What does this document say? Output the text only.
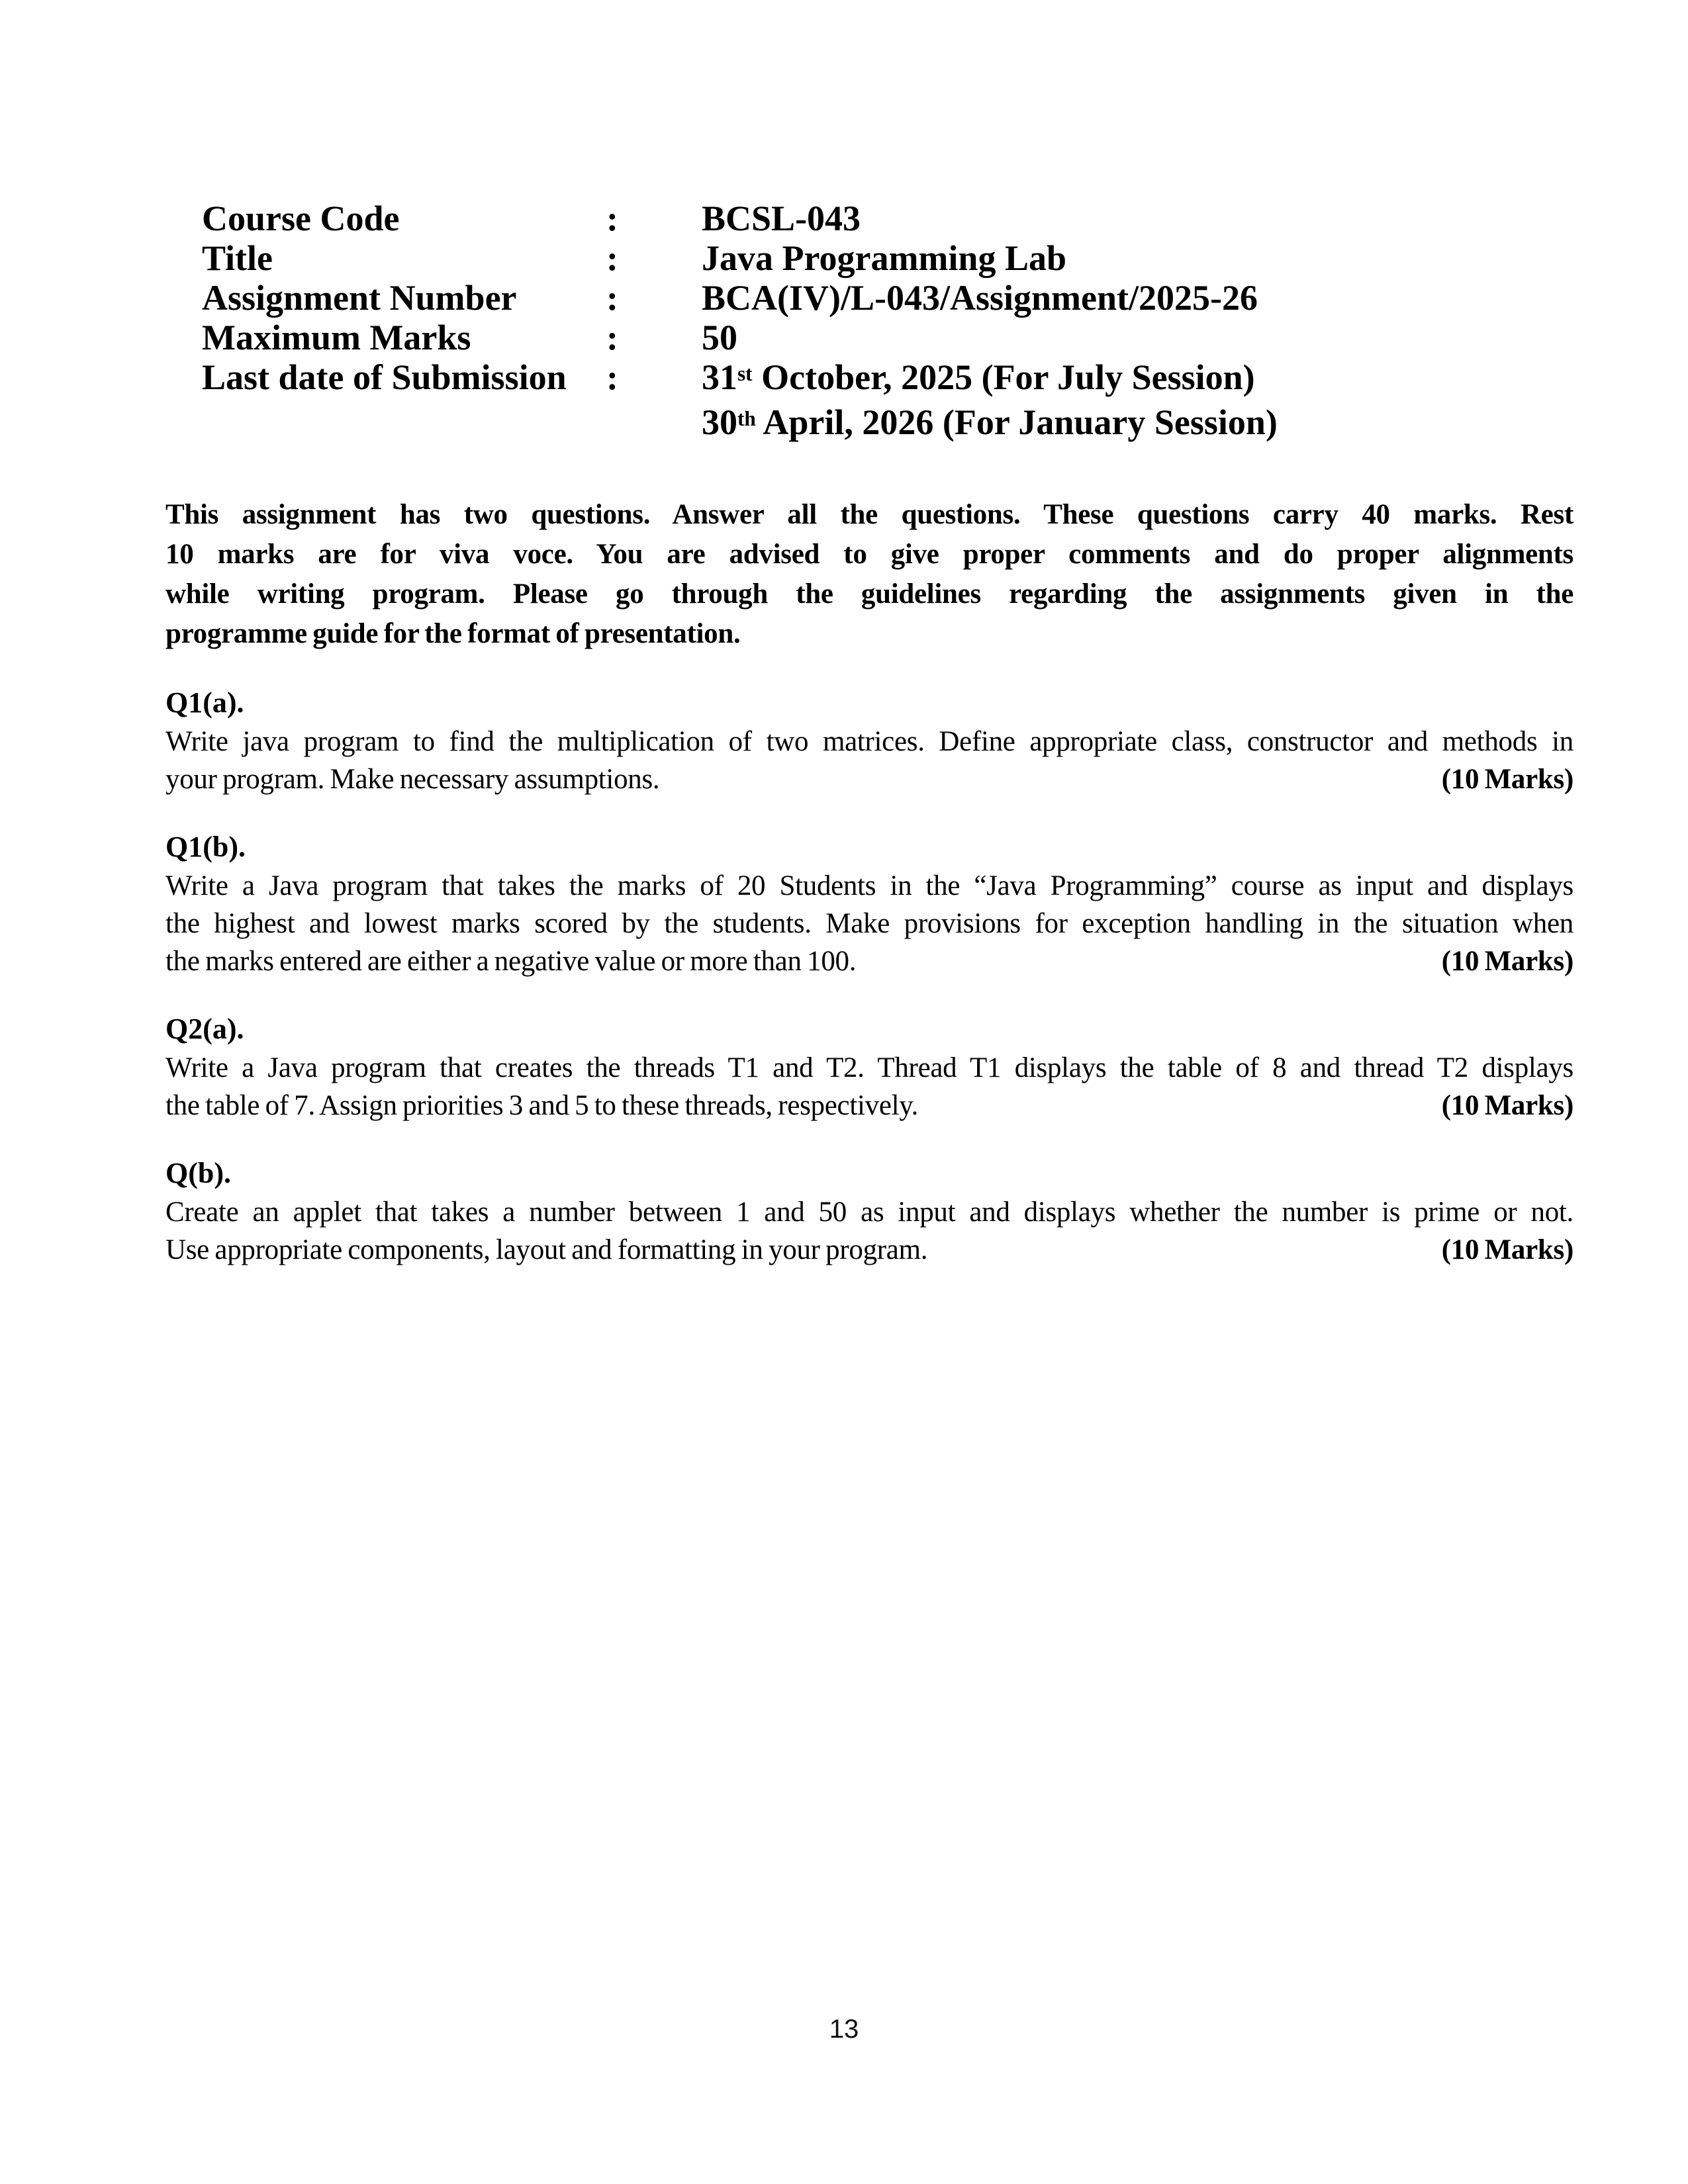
Course Code	:	BCSL-043
Title	:	Java Programming Lab
Assignment Number	:	BCA(IV)/L-043/Assignment/2025-26
Maximum Marks	:	50
Last date of Submission	:	31st October, 2025 (For July Session)
30th April, 2026 (For January Session)
This assignment has two questions. Answer all the questions. These questions carry 40 marks. Rest
10 marks are for viva voce. You are advised to give proper comments and do proper alignments
while writing program. Please go through the guidelines regarding the assignments given in the
programme guide for the format of presentation.
Q1(a).
Write java program to find the multiplication of two matrices. Define appropriate class, constructor and methods in
your program. Make necessary assumptions.	(10 Marks)
Q1(b).
Write a Java program that takes the marks of 20 Students in the “Java Programming” course as input and displays
the highest and lowest marks scored by the students. Make provisions for exception handling in the situation when
the marks entered are either a negative value or more than 100.	(10 Marks)
Q2(a).
Write a Java program that creates the threads T1 and T2. Thread T1 displays the table of 8 and thread T2 displays
the table of 7. Assign priorities 3 and 5 to these threads, respectively.	(10 Marks)
Q(b).
Create an applet that takes a number between 1 and 50 as input and displays whether the number is prime or not.
Use appropriate components, layout and formatting in your program.	(10 Marks)
13
